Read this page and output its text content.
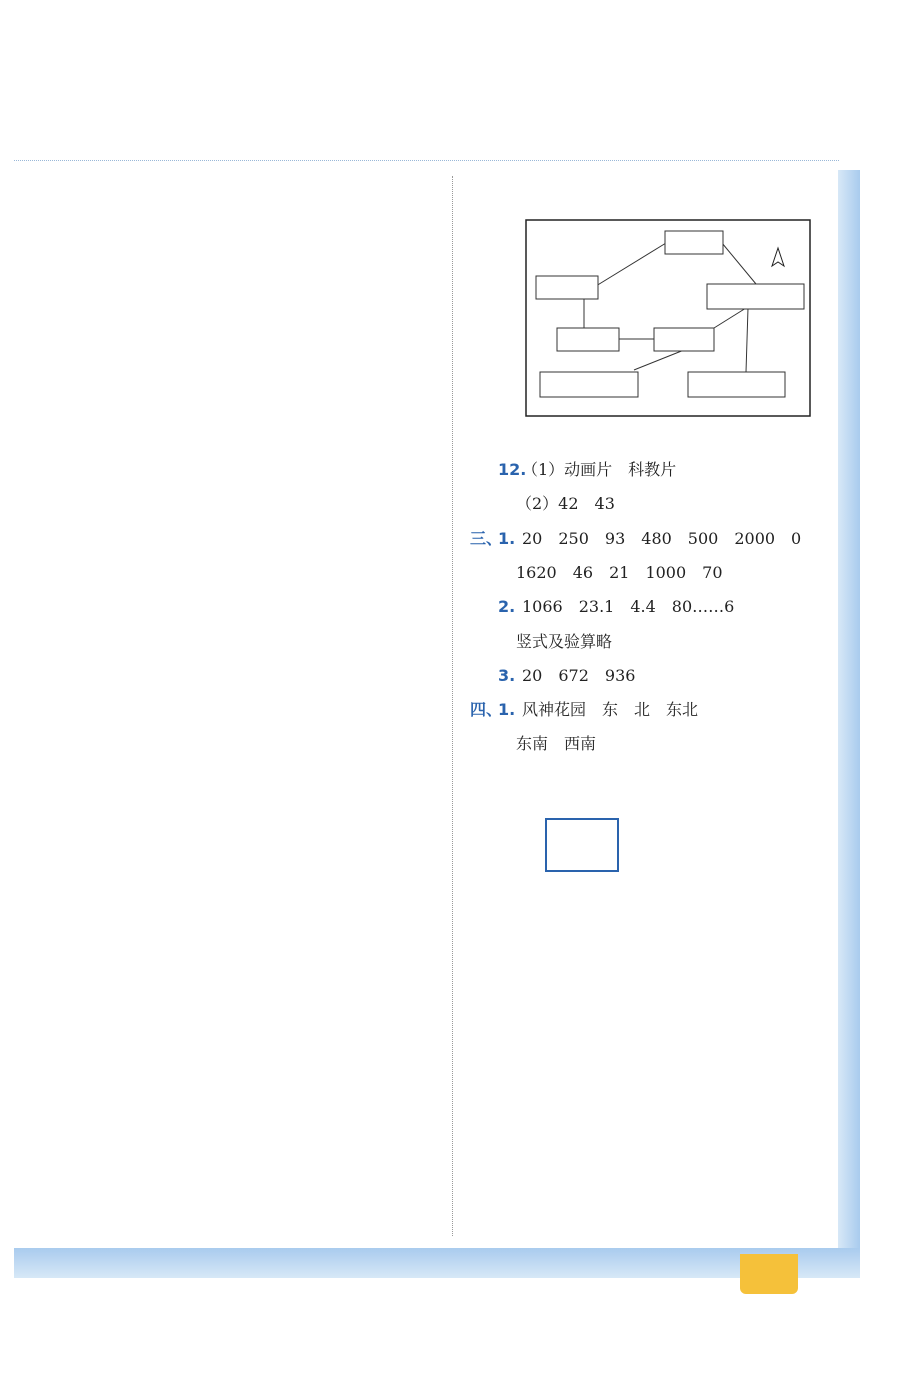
12.
（1）动画片　科教片
（2）42　43
三、
1. 20　250　93　480　500　2000　0
1620　46　21　1000　70
2. 1066　23.1　4.4　80……6
竖式及验算略
3. 20　672　936
四、
1. 风神花园　东　北　东北
东南　西南
